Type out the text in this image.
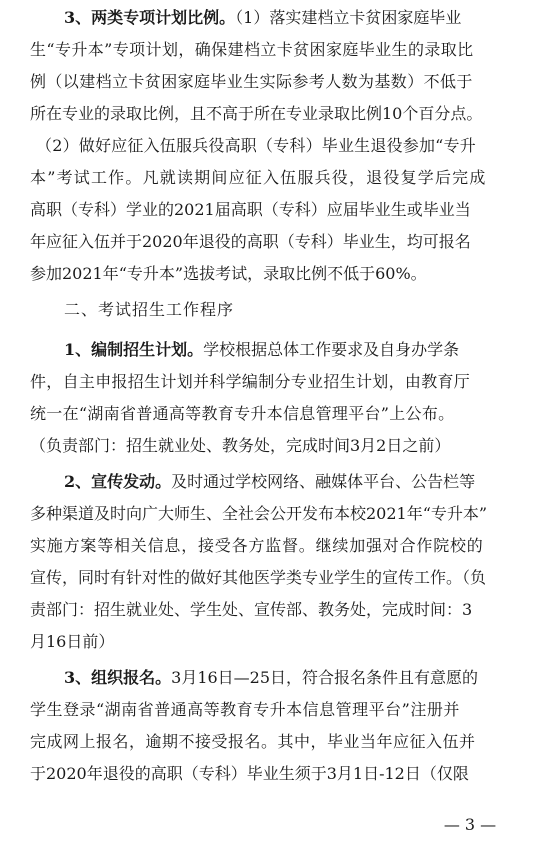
3、两类专项计划比例。（1）落实建档立卡贫困家庭毕业
生“专升本”专项计划，确保建档立卡贫困家庭毕业生的录取比
例（以建档立卡贫困家庭毕业生实际参考人数为基数）不低于
所在专业的录取比例，且不高于所在专业录取比例10个百分点。
（2）做好应征入伍服兵役高职（专科）毕业生退役参加“专升
本”考试工作。凡就读期间应征入伍服兵役，退役复学后完成
高职（专科）学业的2021届高职（专科）应届毕业生或毕业当
年应征入伍并于2020年退役的高职（专科）毕业生，均可报名
参加2021年“专升本”选拔考试，录取比例不低于60%。
二、考试招生工作程序
1、编制招生计划。学校根据总体工作要求及自身办学条
件，自主申报招生计划并科学编制分专业招生计划，由教育厅
统一在“湖南省普通高等教育专升本信息管理平台”上公布。
（负责部门：招生就业处、教务处，完成时间3月2日之前）
2、宣传发动。及时通过学校网络、融媒体平台、公告栏等
多种渠道及时向广大师生、全社会公开发布本校2021年“专升本”
实施方案等相关信息，接受各方监督。继续加强对合作院校的
宣传，同时有针对性的做好其他医学类专业学生的宣传工作。（负
责部门：招生就业处、学生处、宣传部、教务处，完成时间：3
月16日前）
3、组织报名。3月16日—25日，符合报名条件且有意愿的
学生登录“湖南省普通高等教育专升本信息管理平台”注册并
完成网上报名，逾期不接受报名。其中，毕业当年应征入伍并
于2020年退役的高职（专科）毕业生须于3月1日-12日（仅限
— 3 —
